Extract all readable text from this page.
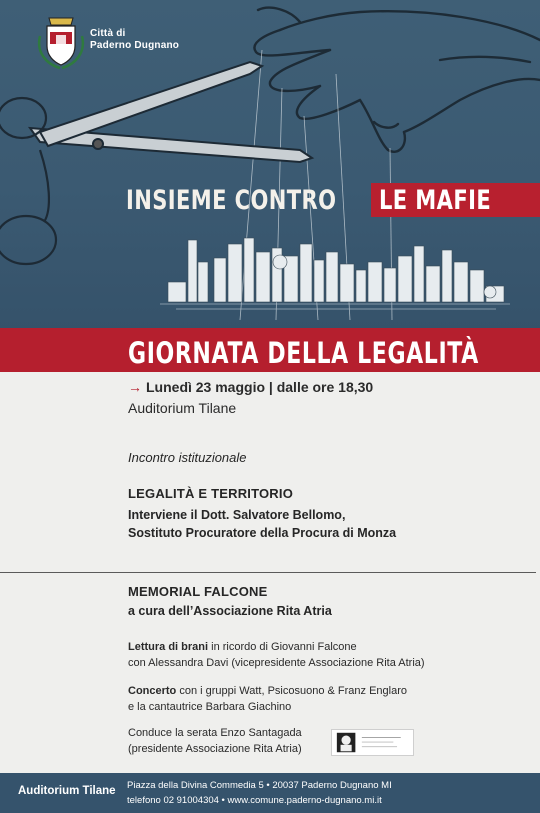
Città di
Paderno Dugnano
INSIEME CONTRO LE MAFIE
GIORNATA DELLA LEGALITÀ
→ Lunedì 23 maggio | dalle ore 18,30
Auditorium Tilane
Incontro istituzionale
LEGALITÀ E TERRITORIO
Interviene il Dott. Salvatore Bellomo,
Sostituto Procuratore della Procura di Monza
MEMORIAL FALCONE
a cura dell’Associazione Rita Atria
Lettura di brani in ricordo di Giovanni Falcone
con Alessandra Davi (vicepresidente Associazione Rita Atria)
Concerto con i gruppi Watt, Psicosuono & Franz Englaro
e la cantautrice Barbara Giachino
Conduce la serata Enzo Santagada
(presidente Associazione Rita Atria)
Auditorium Tilane Piazza della Divina Commedia 5 • 20037 Paderno Dugnano MI
telefono 02 91004304 • www.comune.paderno-dugnano.mi.it
